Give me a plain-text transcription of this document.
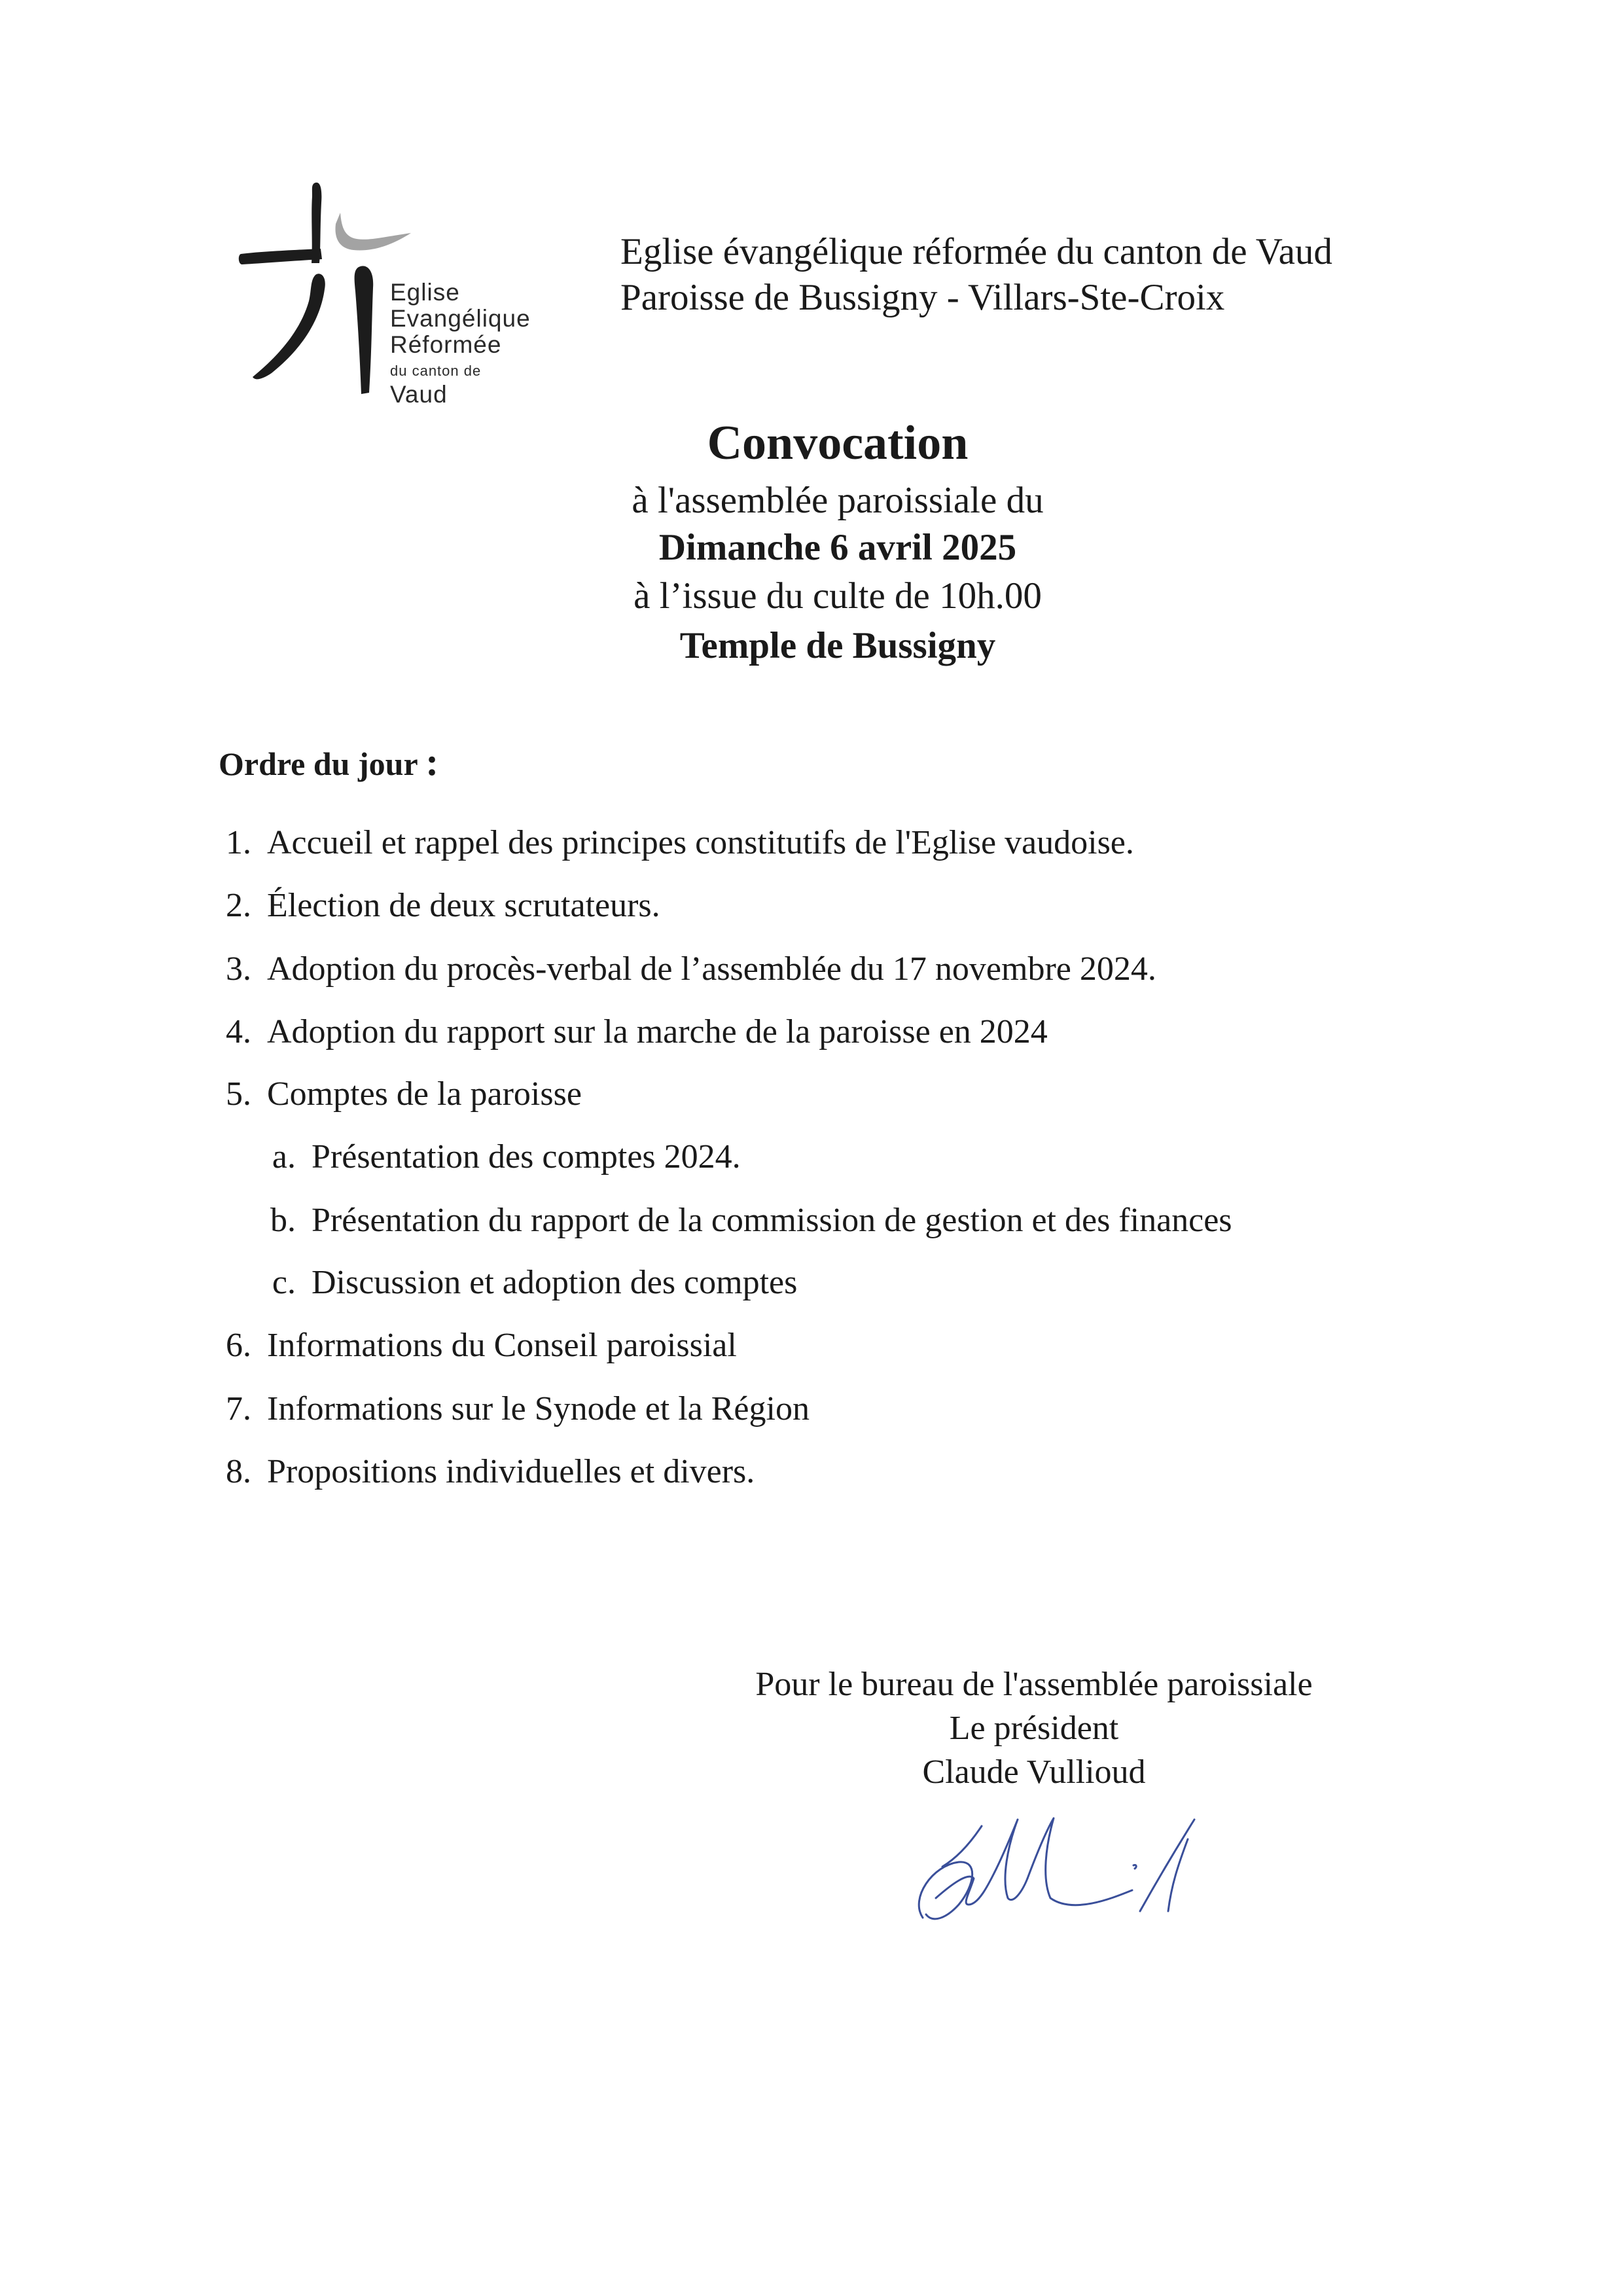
Eglise
Evangélique
Réformée
du canton de
Vaud
Eglise évangélique réformée du canton de Vaud
Paroisse de Bussigny - Villars-Ste-Croix
Convocation
à l'assemblée paroissiale du
Dimanche 6 avril 2025
à l’issue du culte de 10h.00
Temple de Bussigny
Ordre du jour :
1. Accueil et rappel des principes constitutifs de l'Eglise vaudoise.
2. Élection de deux scrutateurs.
3. Adoption du procès-verbal de l’assemblée du 17 novembre 2024.
4. Adoption du rapport sur la marche de la paroisse en 2024
5. Comptes de la paroisse
a. Présentation des comptes 2024.
b. Présentation du rapport de la commission de gestion et des finances
c. Discussion et adoption des comptes
6. Informations du Conseil paroissial
7. Informations sur le Synode et la Région
8. Propositions individuelles et divers.
Pour le bureau de l'assemblée paroissiale
Le président
Claude Vullioud
